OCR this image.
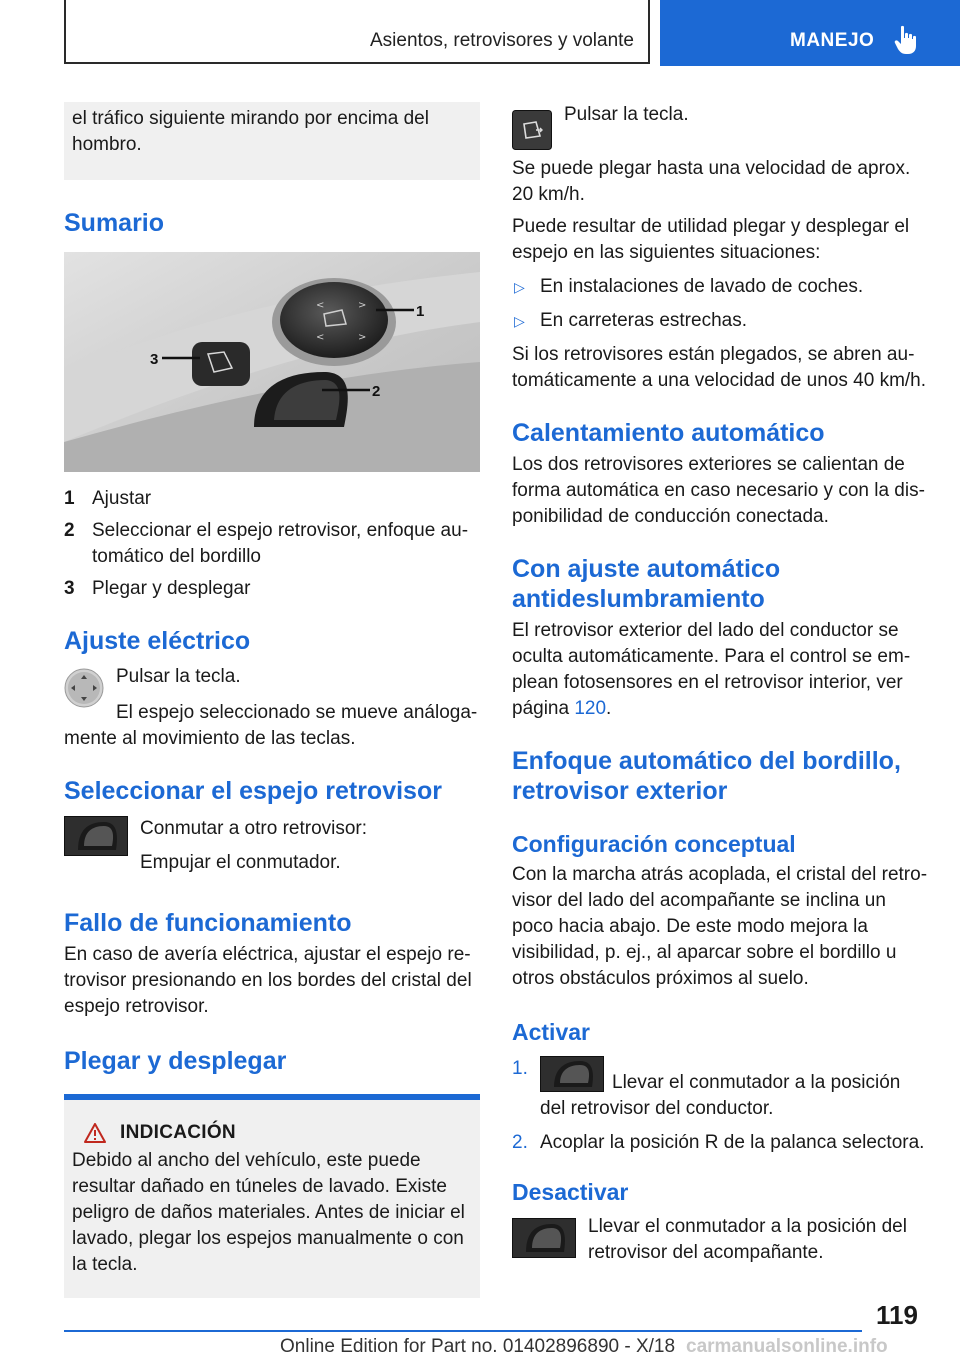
Asientos, retrovisores y volante	MANEJO

el tráfico siguiente mirando por encima del hombro.

Sumario
<	>
<	>
1
2
3
1 Ajustar

2 Seleccionar el espejo retrovisor, enfoque automático del bordillo

3 Plegar y desplegar

Ajuste eléctrico

Pulsar la tecla.

El espejo seleccionado se mueve análogamente al movimiento de las teclas.

Seleccionar el espejo retrovisor

Conmutar a otro retrovisor:

Empujar el conmutador.

Fallo de funcionamiento

En caso de avería eléctrica, ajustar el espejo retrovisor presionando en los bordes del cristal del espejo retrovisor.

Plegar y desplegar
INDICACIÓN

Debido al ancho del vehículo, este puede resultar dañado en túneles de lavado. Existe peligro de daños materiales. Antes de iniciar el lavado, plegar los espejos manualmente o con la tecla.

Pulsar la tecla.

Se puede plegar hasta una velocidad de aprox. 20 km/h.

Puede resultar de utilidad plegar y desplegar el espejo en las siguientes situaciones:

▷ En instalaciones de lavado de coches.
▷ En carreteras estrechas.

Si los retrovisores están plegados, se abren automáticamente a una velocidad de unos 40 km/h.

Calentamiento automático

Los dos retrovisores exteriores se calientan de forma automática en caso necesario y con la disponibilidad de conducción conectada.

Con ajuste automático antideslumbramiento

El retrovisor exterior del lado del conductor se oculta automáticamente. Para el control se emplean fotosensores en el retrovisor interior, ver página 120.

Enfoque automático del bordillo, retrovisor exterior
Configuración conceptual

Con la marcha atrás acoplada, el cristal del retrovisor del lado del acompañante se inclina un poco hacia abajo. De este modo mejora la visibilidad, p. ej., al aparcar sobre el bordillo u otros obstáculos próximos al suelo.

Activar
1.
Llevar el conmutador a la posición del retrovisor del conductor.
2. Acoplar la posición R de la palanca selectora.
Desactivar

Llevar el conmutador a la posición del retrovisor del acompañante.

119
Online Edition for Part no. 01402896890 - X/18 carmanualsonline.info
